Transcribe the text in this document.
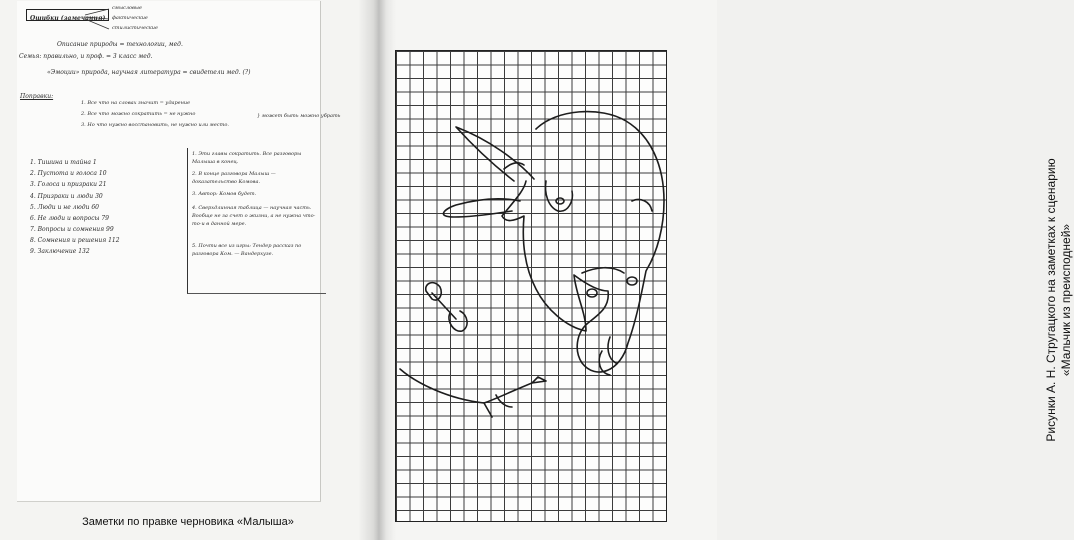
Ошибки (замечания)
смысловые
фактические
стилистические
Описание природы = технологии, мед.
Семья: правильно, и проф. = 3 класс мед.
«Эмоции» природа, научная литература = свидетели мед. (?)
Поправки:
1. Все что на словах значит = ударение
2. Все что можно сократить = не нужно
3. Но что нужно восстановить, не нужно или место.
} может быть можно убрать
1. Тишина и тайна 1
2. Пустота и голоса 10
3. Голоса и призраки 21
4. Призраки и люди 30
5. Люди и не люди 60
6. Не люди и вопросы 79
7. Вопросы и сомнения 99
8. Сомнения и решения 112
9. Заключение 132
1. Эти главы сократить. Все разговоры Малыша в конец.
2. В конце разговора Малыш — доказательство Комова.
3. Автор: Комов будет.
4. Сверхдлинная таблица — научная часть. Вообще не за счет о жизни, а не нужна что-то-и в данной мере.
5. Почти все из игры: Тендер рассказ по разговора Ком. — Вандерхузе.
Заметки по правке черновика «Малыша»
Рисунки А. Н. Стругацкого на заметках к сценарию «Мальчик из преисподней»
